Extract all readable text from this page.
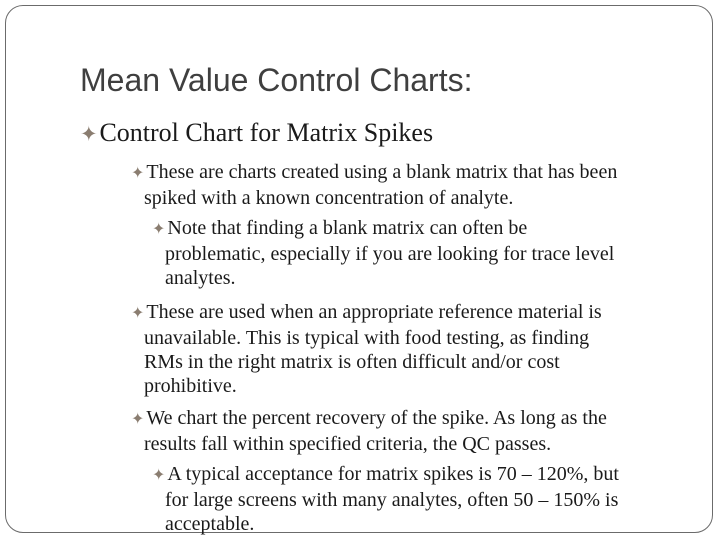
Mean Value Control Charts:
✦Control Chart for Matrix Spikes
✦ These are charts created using a blank matrix that has been
spiked with a known concentration of analyte.
✦ Note that finding a blank matrix can often be
problematic, especially if you are looking for trace level
analytes.
✦ These are used when an appropriate reference material is
unavailable. This is typical with food testing, as finding
RMs in the right matrix is often difficult and/or cost
prohibitive.
✦ We chart the percent recovery of the spike. As long as the
results fall within specified criteria, the QC passes.
✦ A typical acceptance for matrix spikes is 70 – 120%, but
for large screens with many analytes, often 50 – 150% is
acceptable.
